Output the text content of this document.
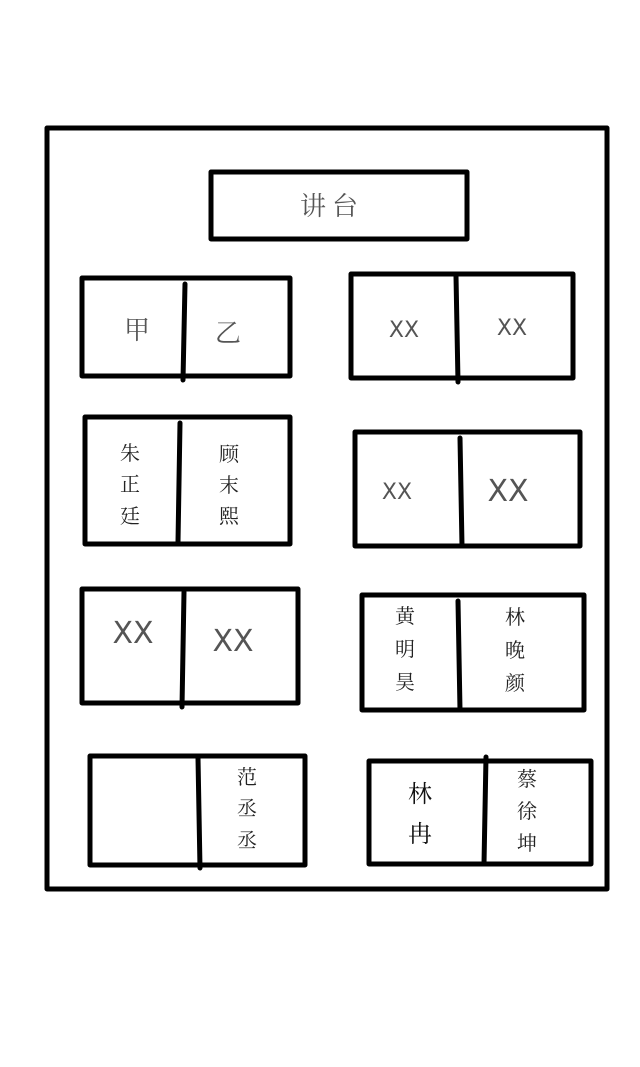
讲台
甲 乙	XX	XX
朱
正
廷
顾
末
熙
XX	XX
XX XX
黄
明
昊
林
晚
颜
范
丞
丞
林
冉
蔡
徐
坤
